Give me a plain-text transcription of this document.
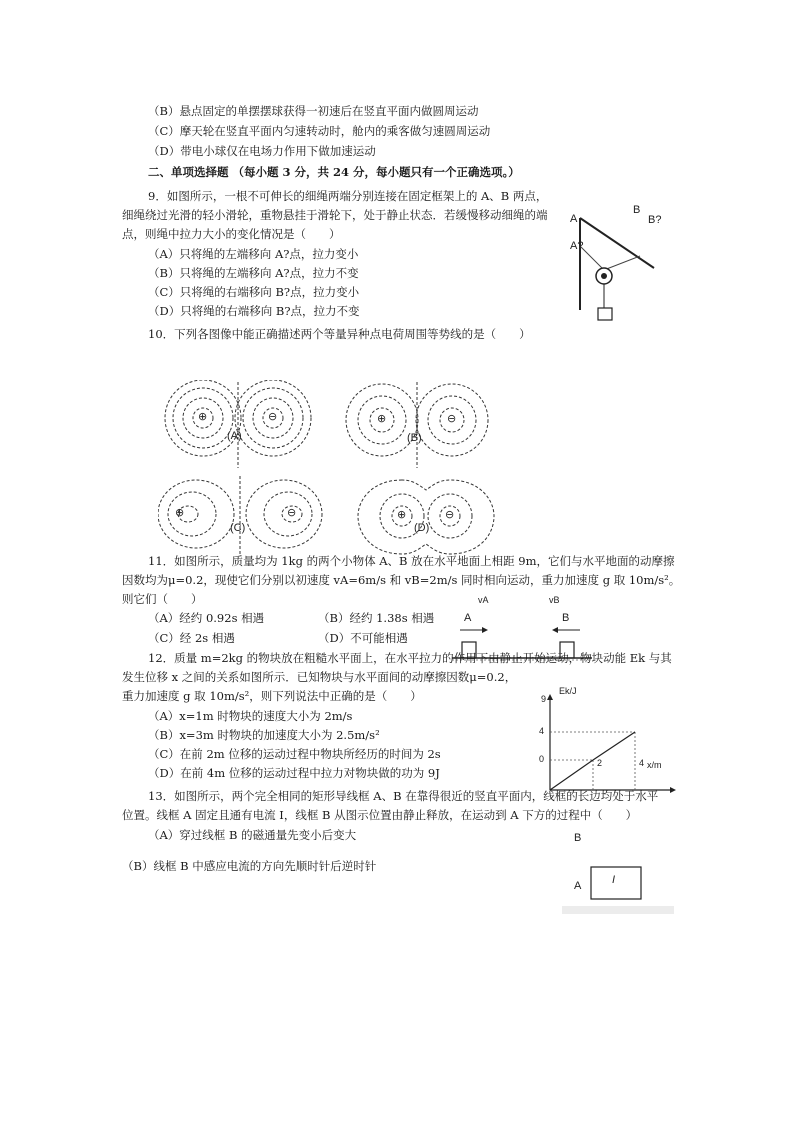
（B）悬点固定的单摆摆球获得一初速后在竖直平面内做圆周运动
（C）摩天轮在竖直平面内匀速转动时，舱内的乘客做匀速圆周运动
（D）带电小球仅在电场力作用下做加速运动
二、单项选择题 （每小题 3 分，共 24 分，每小题只有一个正确选项。）
9．如图所示，一根不可伸长的细绳两端分别连接在固定框架上的 A、B 两点，
细绳绕过光滑的轻小滑轮，重物悬挂于滑轮下，处于静止状态．若缓慢移动细绳的端
点，则绳中拉力大小的变化情况是（　　）
（A）只将绳的左端移向 A?点，拉力变小
（B）只将绳的左端移向 A?点，拉力不变
（C）只将绳的右端移向 B?点，拉力变小
（D）只将绳的右端移向 B?点，拉力不变
A
A?
B
B?
10．下列各图像中能正确描述两个等量异种点电荷周围等势线的是（　　）
⊕	⊖
(A)
⊕	⊖
(B)
⊕	⊖
(C)
⊕	⊖
(D)
11．如图所示，质量均为 1kg 的两个小物体 A、B 放在水平地面上相距 9m，它们与水平地面的动摩擦
因数均为μ=0.2，现使它们分别以初速度 vA=6m/s 和 vB=2m/s 同时相向运动，重力加速度 g 取 10m/s²。
则它们（　　）
（A）经约 0.92s 相遇	（B）经约 1.38s 相遇
（C）经 2s 相遇	（D）不可能相遇
vA	vB
A	B
12．质量 m=2kg 的物块放在粗糙水平面上，在水平拉力的作用下由静止开始运动，物块动能 Ek 与其
发生位移 x 之间的关系如图所示．已知物块与水平面间的动摩擦因数μ=0.2，
重力加速度 g 取 10m/s²，则下列说法中正确的是（　　）
（A）x=1m 时物块的速度大小为 2m/s
（B）x=3m 时物块的加速度大小为 2.5m/s²
（C）在前 2m 位移的运动过程中物块所经历的时间为 2s
（D）在前 4m 位移的运动过程中拉力对物块做的功为 9J
Ek/J
9
4
0	2	4 x/m
13．如图所示，两个完全相同的矩形导线框 A、B 在靠得很近的竖直平面内，线框的长边均处于水平
位置。线框 A 固定且通有电流 I，线框 B 从图示位置由静止释放，在运动到 A 下方的过程中（　　）
（A）穿过线框 B 的磁通量先变小后变大
（B）线框 B 中感应电流的方向先顺时针后逆时针
B
A	I
